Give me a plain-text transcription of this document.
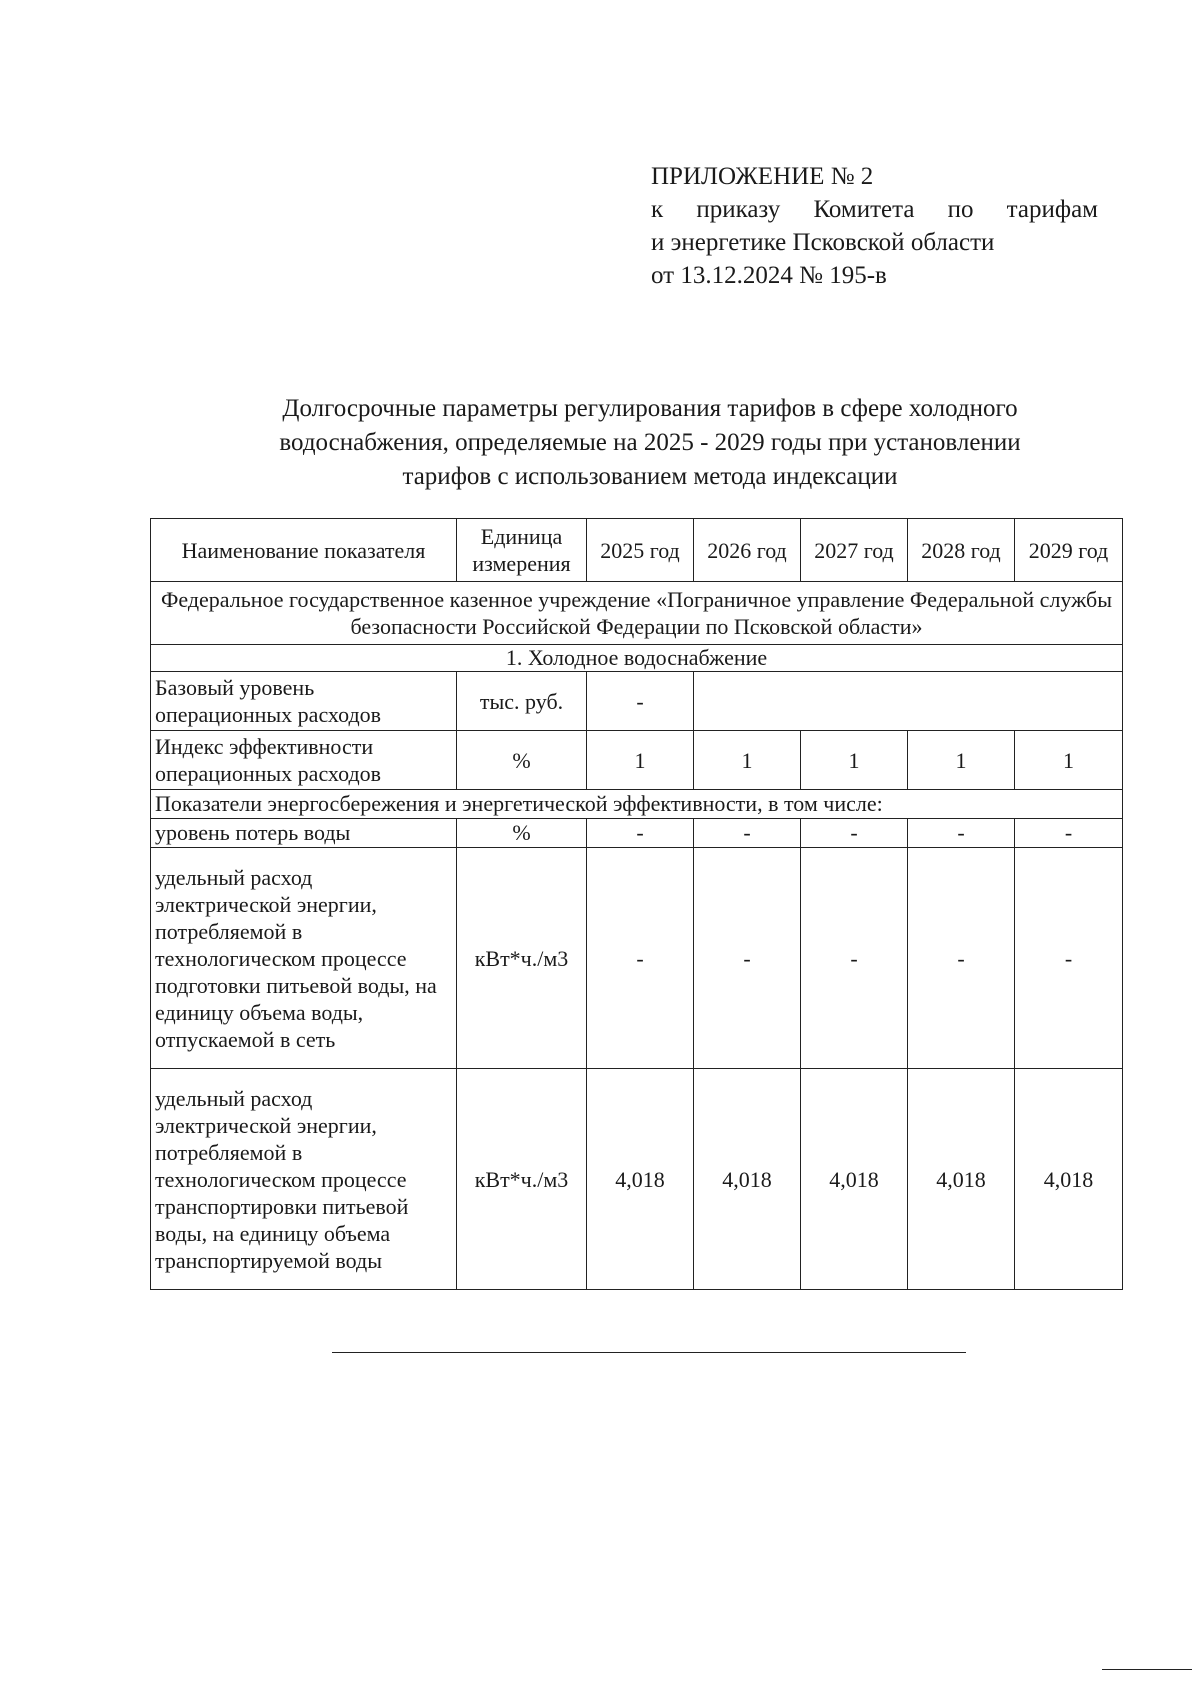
ПРИЛОЖЕНИЕ № 2
к приказу Комитета по тарифам
и энергетике Псковской области
от 13.12.2024 № 195-в
Долгосрочные параметры регулирования тарифов в сфере холодного
водоснабжения, определяемые на 2025 - 2029 годы при установлении
тарифов с использованием метода индексации
Наименование показателя	Единица измерения	2025 год	2026 год	2027 год	2028 год	2029 год
Федеральное государственное казенное учреждение «Пограничное управление Федеральной службы безопасности Российской Федерации по Псковской области»						
1. Холодное водоснабжение						
Базовый уровень операционных расходов	тыс. руб.	-				
Индекс эффективности операционных расходов	%	1	1	1	1	1
Показатели энергосбережения и энергетической эффективности, в том числе:						
уровень потерь воды	%	-	-	-	-	-
удельный расход электрической энергии, потребляемой в технологическом процессе подготовки питьевой воды, на единицу объема воды, отпускаемой в сеть	кВт*ч./м3	-	-	-	-	-
удельный расход электрической энергии, потребляемой в технологическом процессе транспортировки питьевой воды, на единицу объема транспортируемой воды	кВт*ч./м3	4,018	4,018	4,018	4,018	4,018
